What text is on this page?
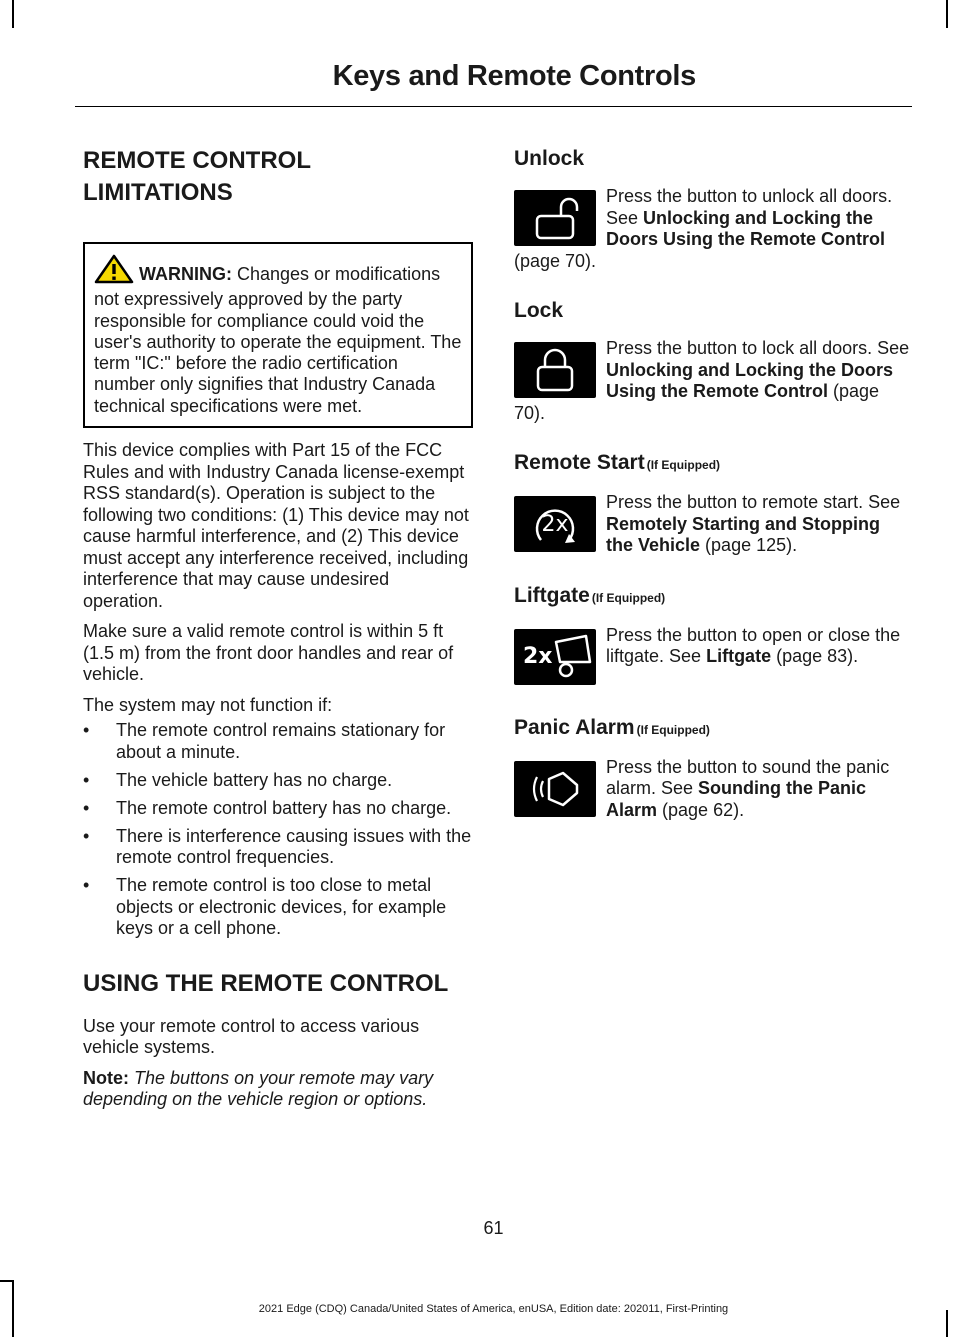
Keys and Remote Controls
REMOTE CONTROL
LIMITATIONS
WARNING: Changes or modifications not expressively approved by the party responsible for compliance could void the user's authority to operate the equipment. The term "IC:" before the radio certification number only signifies that Industry Canada technical specifications were met.

This device complies with Part 15 of the FCC Rules and with Industry Canada license-exempt RSS standard(s). Operation is subject to the following two conditions: (1) This device may not cause harmful interference, and (2) This device must accept any interference received, including interference that may cause undesired operation.

Make sure a valid remote control is within 5 ft (1.5 m) from the front door handles and rear of vehicle.

The system may not function if:

• The remote control remains stationary for about a minute.
• The vehicle battery has no charge.
• The remote control battery has no charge.
• There is interference causing issues with the remote control frequencies.
• The remote control is too close to metal objects or electronic devices, for example keys or a cell phone.
USING THE REMOTE CONTROL

Use your remote control to access various vehicle systems.

Note: The buttons on your remote may vary depending on the vehicle region or options.

Unlock

Press the button to unlock all doors. See Unlocking and Locking the Doors Using the Remote Control (page 70).

Lock

Press the button to lock all doors. See Unlocking and Locking the Doors Using the Remote Control (page 70).

Remote Start (If Equipped)
2x

Press the button to remote start. See Remotely Starting and Stopping the Vehicle (page 125).

Liftgate (If Equipped)
2x

Press the button to open or close the liftgate. See Liftgate (page 83).

Panic Alarm (If Equipped)

Press the button to sound the panic alarm. See Sounding the Panic Alarm (page 62).

61
2021 Edge (CDQ) Canada/United States of America, enUSA, Edition date: 202011, First-Printing
